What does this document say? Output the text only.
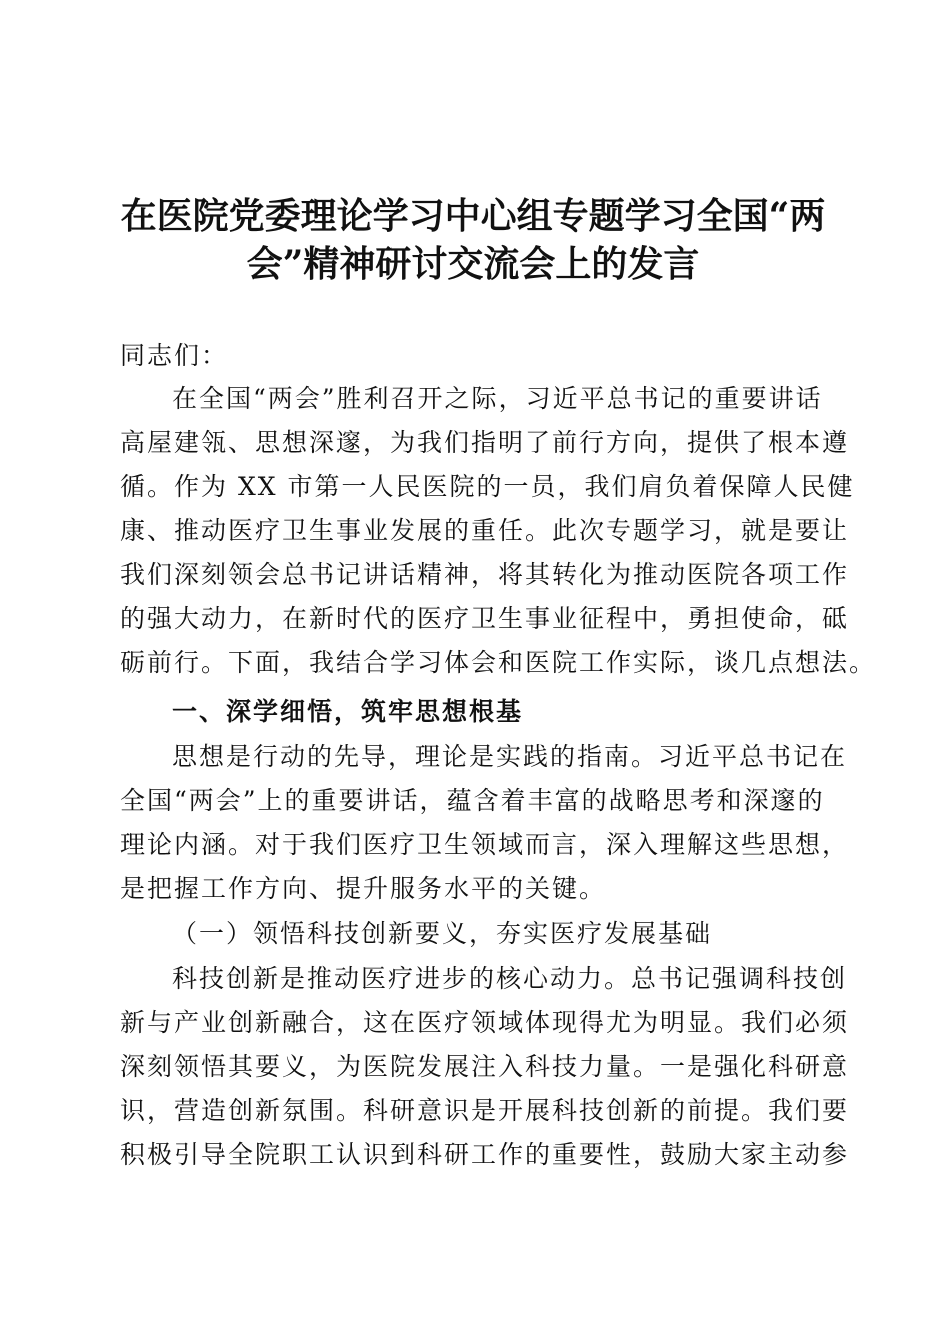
在医院党委理论学习中心组专题学习全国“两
会”精神研讨交流会上的发言
同志们：
在全国“两会”胜利召开之际，习近平总书记的重要讲话
高屋建瓴、思想深邃，为我们指明了前行方向，提供了根本遵
循。作为 XX 市第一人民医院的一员，我们肩负着保障人民健
康、推动医疗卫生事业发展的重任。此次专题学习，就是要让
我们深刻领会总书记讲话精神，将其转化为推动医院各项工作
的强大动力，在新时代的医疗卫生事业征程中，勇担使命，砥
砺前行。下面，我结合学习体会和医院工作实际，谈几点想法。
一、深学细悟，筑牢思想根基
思想是行动的先导，理论是实践的指南。习近平总书记在
全国“两会”上的重要讲话，蕴含着丰富的战略思考和深邃的
理论内涵。对于我们医疗卫生领域而言，深入理解这些思想，
是把握工作方向、提升服务水平的关键。
（一）领悟科技创新要义，夯实医疗发展基础
科技创新是推动医疗进步的核心动力。总书记强调科技创
新与产业创新融合，这在医疗领域体现得尤为明显。我们必须
深刻领悟其要义，为医院发展注入科技力量。一是强化科研意
识，营造创新氛围。科研意识是开展科技创新的前提。我们要
积极引导全院职工认识到科研工作的重要性，鼓励大家主动参
